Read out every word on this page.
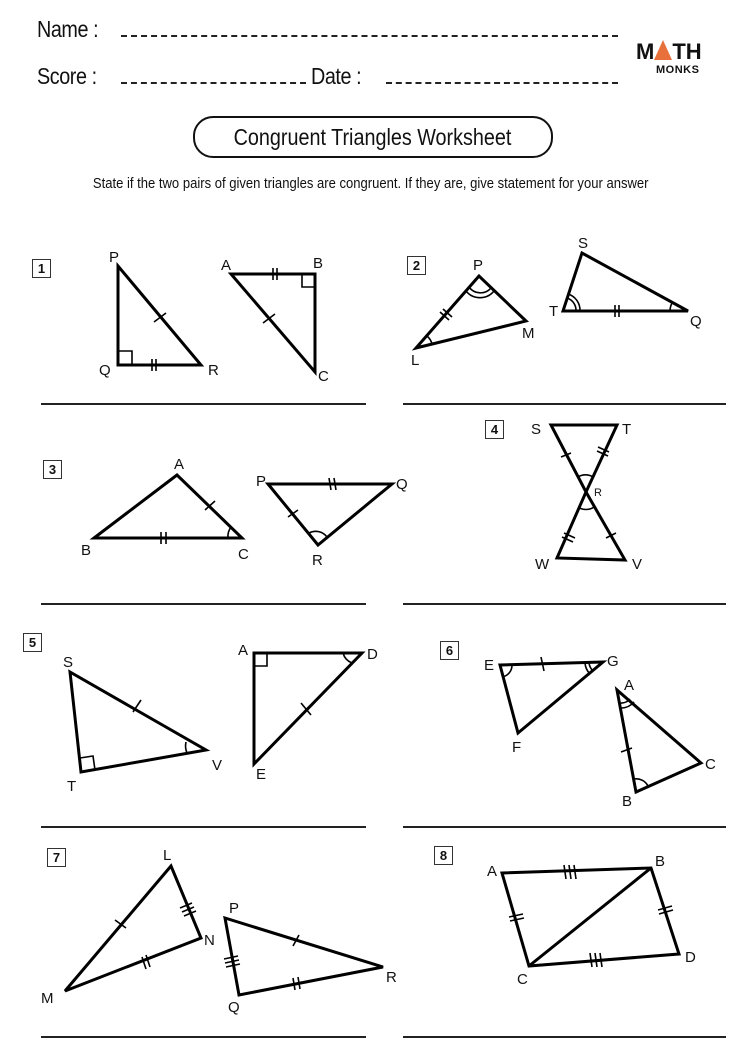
Name :
Score :	Date :
M TH
MONKS
Congruent Triangles Worksheet
State if the two pairs of given triangles are congruent. If they are, give statement for your answer
1	2
3
4
5
6
7	8
P
Q	R
A	B
C
P
L
M
S
T
Q
A
B	C
P	Q
R
S	T
R
W	V
S
T
V
A	D
E
E	G
F
A
B
C
L
N
M
P
R
Q
A
B
C
D
